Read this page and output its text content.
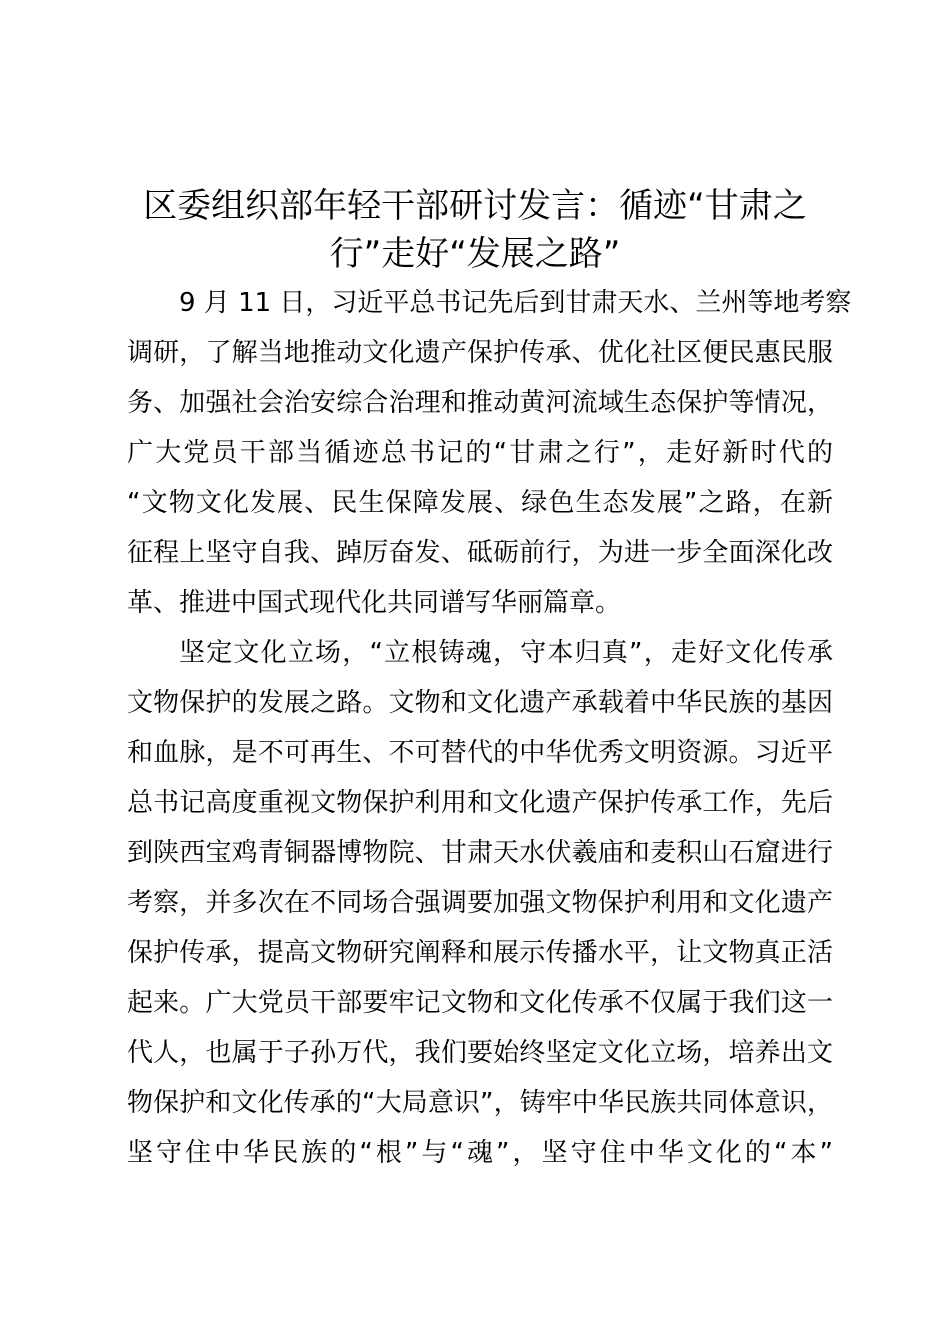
区委组织部年轻干部研讨发言：循迹“甘肃之
行”走好“发展之路”
9 月 11 日，习近平总书记先后到甘肃天水、兰州等地考察
调研，了解当地推动文化遗产保护传承、优化社区便民惠民服
务、加强社会治安综合治理和推动黄河流域生态保护等情况，
广大党员干部当循迹总书记的“甘肃之行”，走好新时代的
“文物文化发展、民生保障发展、绿色生态发展”之路，在新
征程上坚守自我、踔厉奋发、砥砺前行，为进一步全面深化改
革、推进中国式现代化共同谱写华丽篇章。
坚定文化立场，“立根铸魂，守本归真”，走好文化传承
文物保护的发展之路。文物和文化遗产承载着中华民族的基因
和血脉，是不可再生、不可替代的中华优秀文明资源。习近平
总书记高度重视文物保护利用和文化遗产保护传承工作，先后
到陕西宝鸡青铜器博物院、甘肃天水伏羲庙和麦积山石窟进行
考察，并多次在不同场合强调要加强文物保护利用和文化遗产
保护传承，提高文物研究阐释和展示传播水平，让文物真正活
起来。广大党员干部要牢记文物和文化传承不仅属于我们这一
代人，也属于子孙万代，我们要始终坚定文化立场，培养出文
物保护和文化传承的“大局意识”，铸牢中华民族共同体意识，
坚守住中华民族的“根”与“魂”，坚守住中华文化的“本”
